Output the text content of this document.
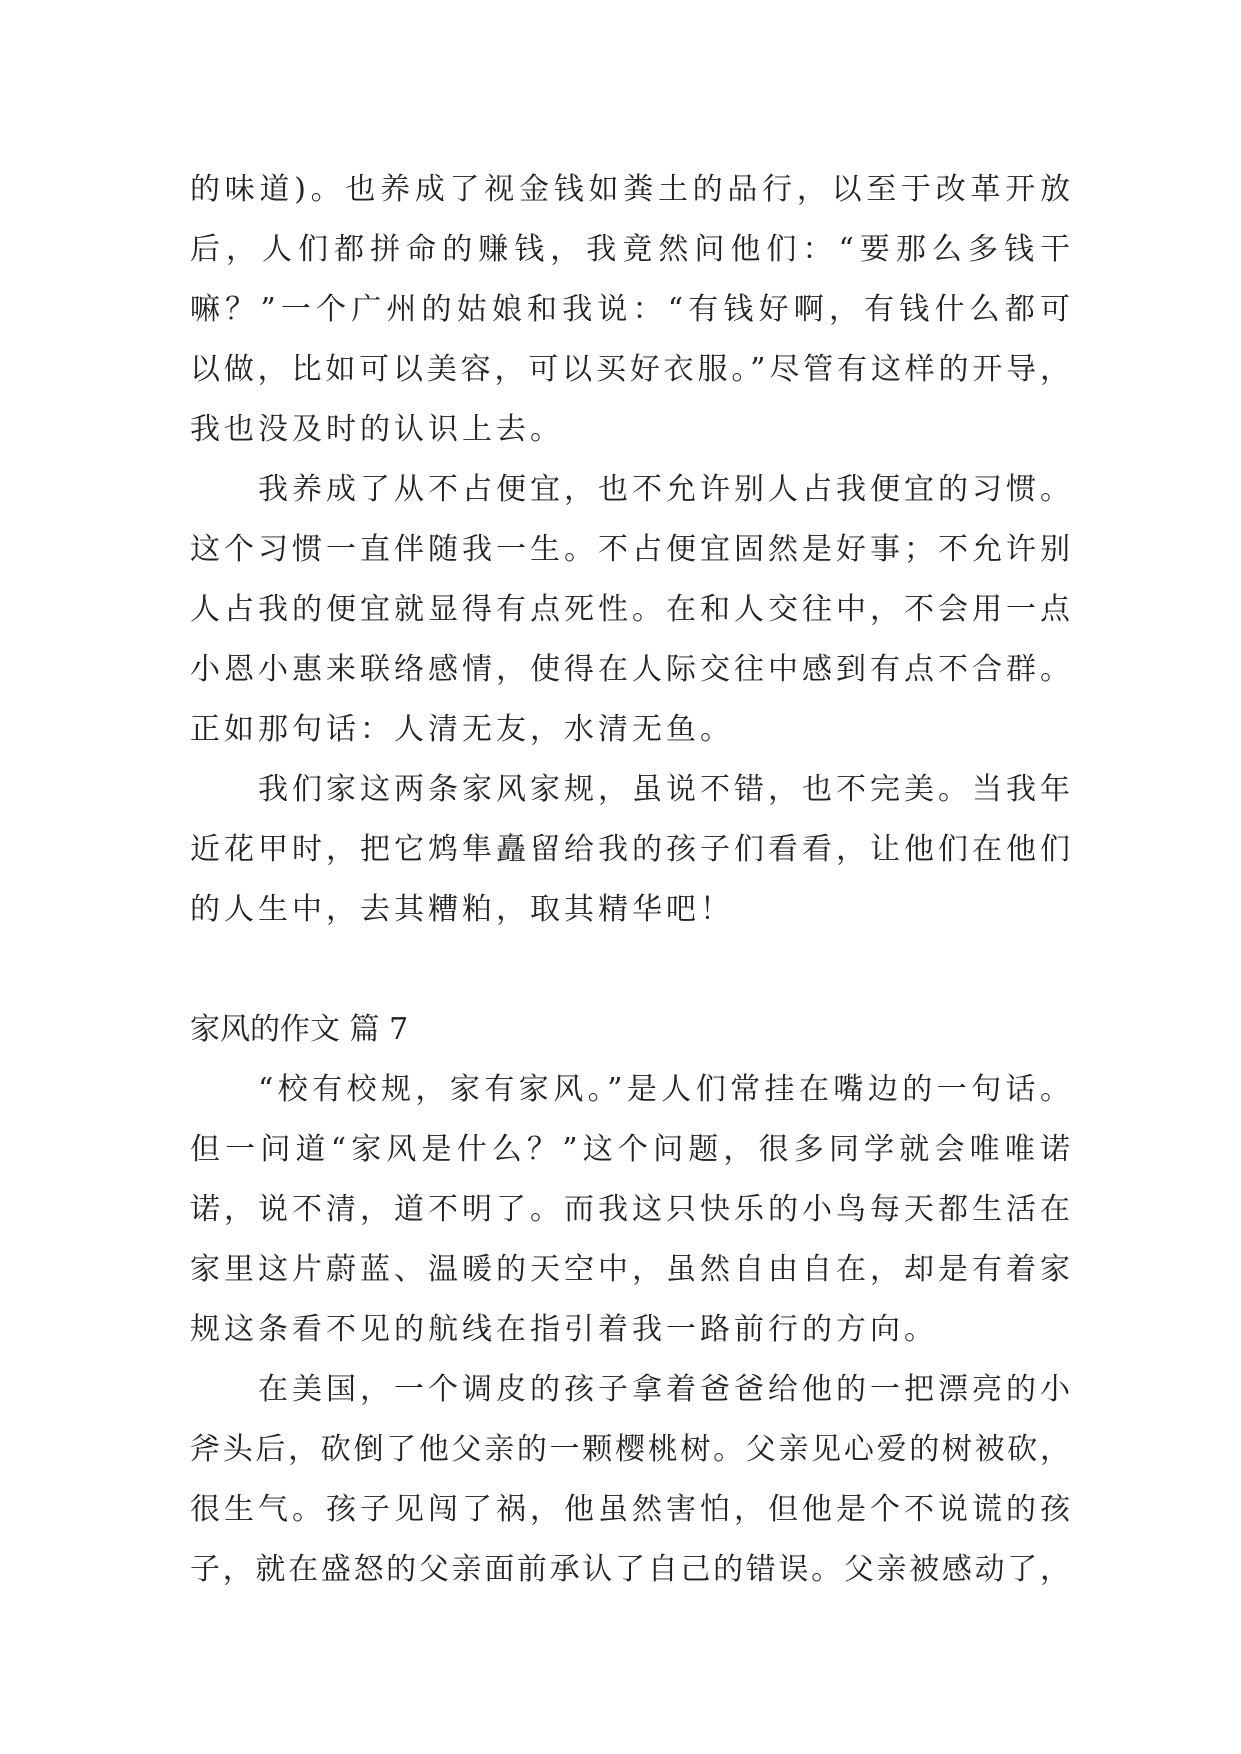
的味道)。也养成了视金钱如粪土的品行，以至于改革开放
后，人们都拼命的赚钱，我竟然问他们：“要那么多钱干
嘛？”一个广州的姑娘和我说：“有钱好啊，有钱什么都可
以做，比如可以美容，可以买好衣服。”尽管有这样的开导，
我也没及时的认识上去。
我养成了从不占便宜，也不允许别人占我便宜的习惯。
这个习惯一直伴随我一生。不占便宜固然是好事；不允许别
人占我的便宜就显得有点死性。在和人交往中，不会用一点
小恩小惠来联络感情，使得在人际交往中感到有点不合群。
正如那句话：人清无友，水清无鱼。
我们家这两条家风家规，虽说不错，也不完美。当我年
近花甲时，把它鸩隼矗留给我的孩子们看看，让他们在他们
的人生中，去其糟粕，取其精华吧！
家风的作文 篇 7
“校有校规，家有家风。”是人们常挂在嘴边的一句话。
但一问道“家风是什么？”这个问题，很多同学就会唯唯诺
诺，说不清，道不明了。而我这只快乐的小鸟每天都生活在
家里这片蔚蓝、温暖的天空中，虽然自由自在，却是有着家
规这条看不见的航线在指引着我一路前行的方向。
在美国，一个调皮的孩子拿着爸爸给他的一把漂亮的小
斧头后，砍倒了他父亲的一颗樱桃树。父亲见心爱的树被砍，
很生气。孩子见闯了祸，他虽然害怕，但他是个不说谎的孩
子，就在盛怒的父亲面前承认了自己的错误。父亲被感动了，
